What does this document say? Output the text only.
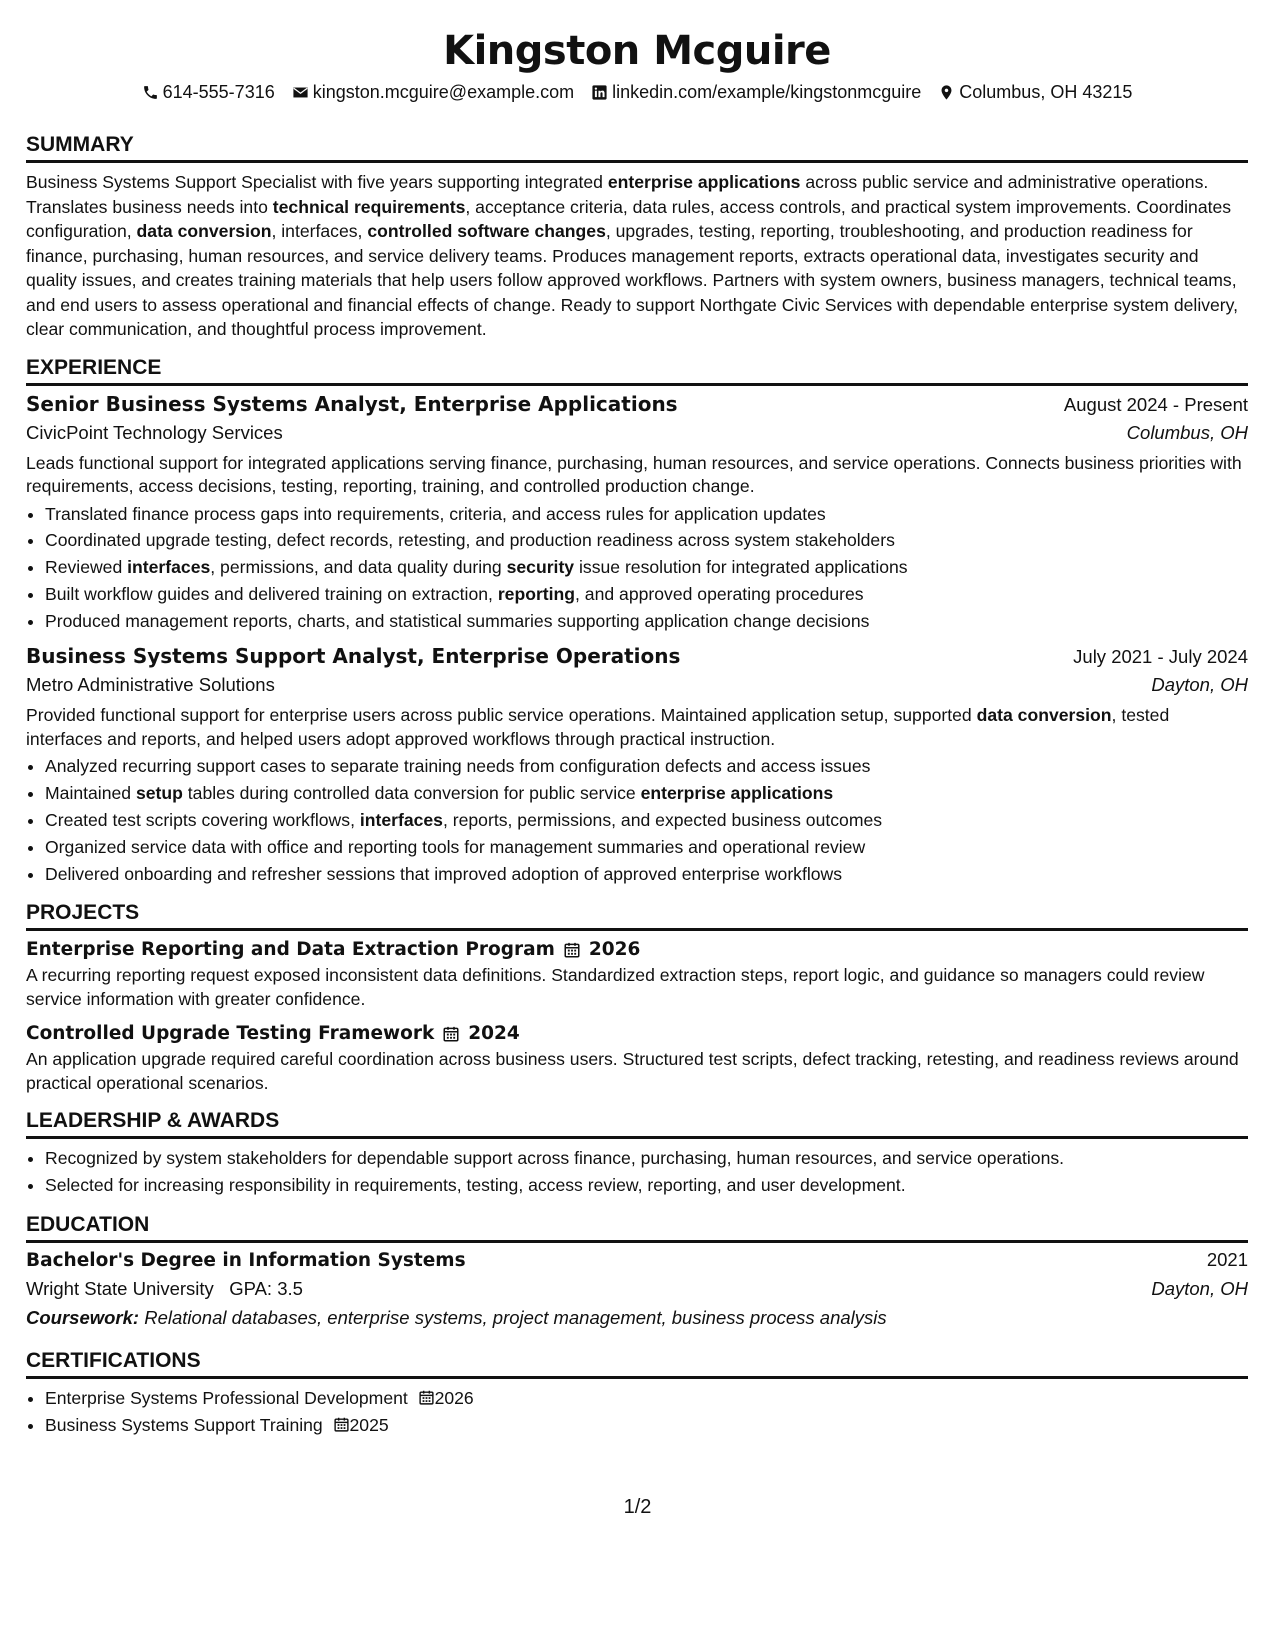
Kingston Mcguire
614-555-7316 kingston.mcguire@example.com linkedin.com/example/kingstonmcguire Columbus, OH 43215
SUMMARY

Business Systems Support Specialist with five years supporting integrated enterprise applications across public service and administrative operations. Translates business needs into technical requirements, acceptance criteria, data rules, access controls, and practical system improvements. Coordinates configuration, data conversion, interfaces, controlled software changes, upgrades, testing, reporting, troubleshooting, and production readiness for finance, purchasing, human resources, and service delivery teams. Produces management reports, extracts operational data, investigates security and quality issues, and creates training materials that help users follow approved workflows. Partners with system owners, business managers, technical teams, and end users to assess operational and financial effects of change. Ready to support Northgate Civic Services with dependable enterprise system delivery, clear communication, and thoughtful process improvement.

EXPERIENCE
Senior Business Systems Analyst, Enterprise Applications	August 2024 - Present
CivicPoint Technology Services	Columbus, OH

Leads functional support for integrated applications serving finance, purchasing, human resources, and service operations. Connects business priorities with requirements, access decisions, testing, reporting, training, and controlled production change.

• Translated finance process gaps into requirements, criteria, and access rules for application updates
• Coordinated upgrade testing, defect records, retesting, and production readiness across system stakeholders
• Reviewed interfaces, permissions, and data quality during security issue resolution for integrated applications
• Built workflow guides and delivered training on extraction, reporting, and approved operating procedures
• Produced management reports, charts, and statistical summaries supporting application change decisions
Business Systems Support Analyst, Enterprise Operations	July 2021 - July 2024
Metro Administrative Solutions	Dayton, OH

Provided functional support for enterprise users across public service operations. Maintained application setup, supported data conversion, tested interfaces and reports, and helped users adopt approved workflows through practical instruction.

• Analyzed recurring support cases to separate training needs from configuration defects and access issues
• Maintained setup tables during controlled data conversion for public service enterprise applications
• Created test scripts covering workflows, interfaces, reports, permissions, and expected business outcomes
• Organized service data with office and reporting tools for management summaries and operational review
• Delivered onboarding and refresher sessions that improved adoption of approved enterprise workflows
PROJECTS
Enterprise Reporting and Data Extraction Program 2026

A recurring reporting request exposed inconsistent data definitions. Standardized extraction steps, report logic, and guidance so managers could review service information with greater confidence.

Controlled Upgrade Testing Framework 2024

An application upgrade required careful coordination across business users. Structured test scripts, defect tracking, retesting, and readiness reviews around practical operational scenarios.

LEADERSHIP & AWARDS
• Recognized by system stakeholders for dependable support across finance, purchasing, human resources, and service operations.
• Selected for increasing responsibility in requirements, testing, access review, reporting, and user development.
EDUCATION
Bachelor's Degree in Information Systems	2021
Wright State University GPA: 3.5	Dayton, OH
Coursework: Relational databases, enterprise systems, project management, business process analysis
CERTIFICATIONS
• Enterprise Systems Professional Development 2026
• Business Systems Support Training 2025
1/2
